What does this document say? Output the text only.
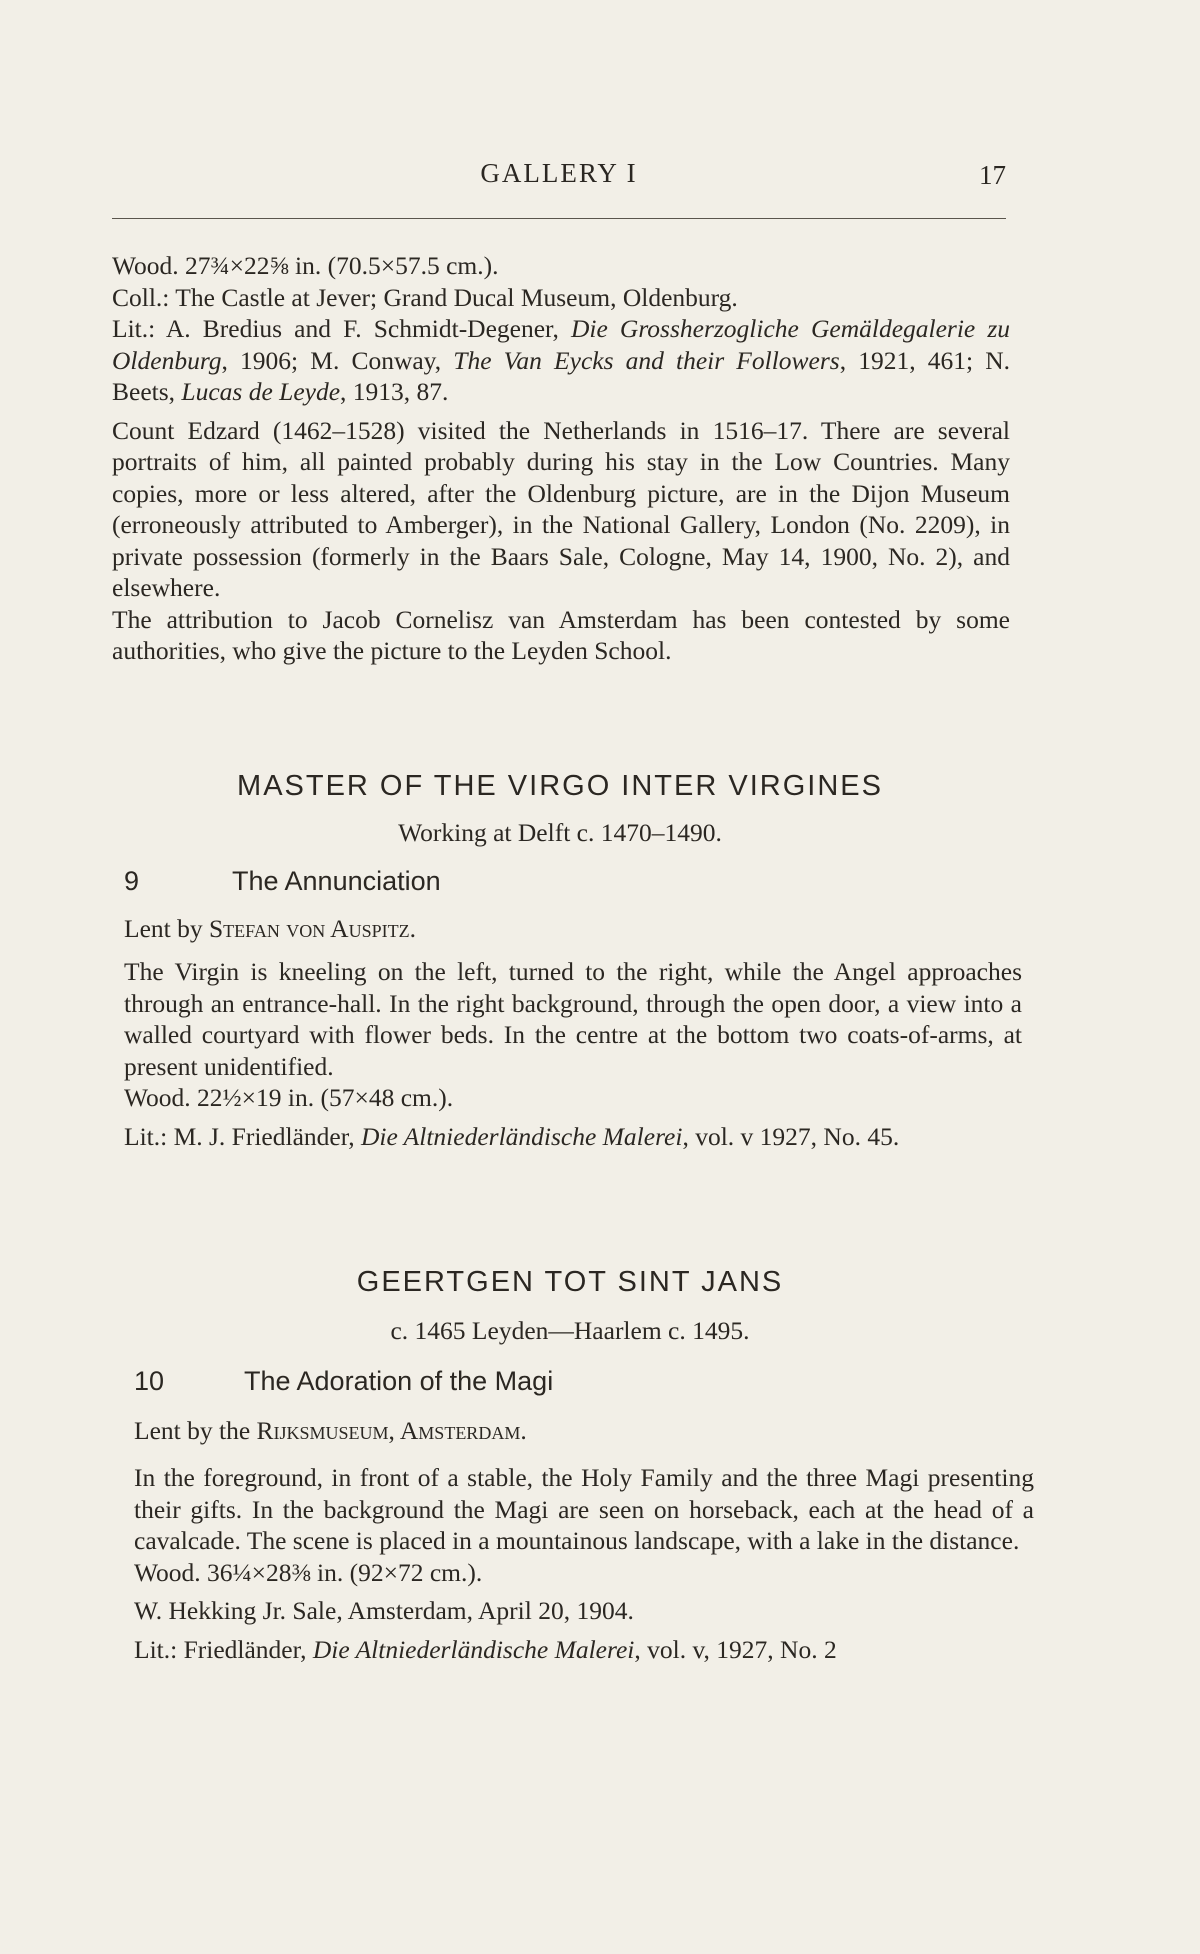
GALLERY I	17

Wood. 27¾×22⅝ in. (70.5×57.5 cm.).

Coll.: The Castle at Jever; Grand Ducal Museum, Oldenburg.

Lit.: A. Bredius and F. Schmidt-Degener, Die Grossherzogliche Gemäldegalerie zu Oldenburg, 1906; M. Conway, The Van Eycks and their Followers, 1921, 461; N. Beets, Lucas de Leyde, 1913, 87.

Count Edzard (1462–1528) visited the Netherlands in 1516–17. There are several portraits of him, all painted probably during his stay in the Low Countries. Many copies, more or less altered, after the Oldenburg picture, are in the Dijon Museum (erroneously attributed to Amberger), in the National Gallery, London (No. 2209), in private possession (formerly in the Baars Sale, Cologne, May 14, 1900, No. 2), and elsewhere.

The attribution to Jacob Cornelisz van Amsterdam has been contested by some authorities, who give the picture to the Leyden School.

MASTER OF THE VIRGO INTER VIRGINES
Working at Delft c. 1470–1490.
9	The Annunciation
Lent by Stefan von Auspitz.

The Virgin is kneeling on the left, turned to the right, while the Angel approaches through an entrance-hall. In the right background, through the open door, a view into a walled courtyard with flower beds. In the centre at the bottom two coats-of-arms, at present unidentified.

Wood. 22½×19 in. (57×48 cm.).

Lit.: M. J. Friedländer, Die Altniederländische Malerei, vol. v 1927, No. 45.

GEERTGEN TOT SINT JANS
c. 1465 Leyden—Haarlem c. 1495.
10	The Adoration of the Magi
Lent by the Rijksmuseum, Amsterdam.

In the foreground, in front of a stable, the Holy Family and the three Magi presenting their gifts. In the background the Magi are seen on horseback, each at the head of a cavalcade. The scene is placed in a mountainous landscape, with a lake in the distance.

Wood. 36¼×28⅜ in. (92×72 cm.).

W. Hekking Jr. Sale, Amsterdam, April 20, 1904.

Lit.: Friedländer, Die Altniederländische Malerei, vol. v, 1927, No. 2
